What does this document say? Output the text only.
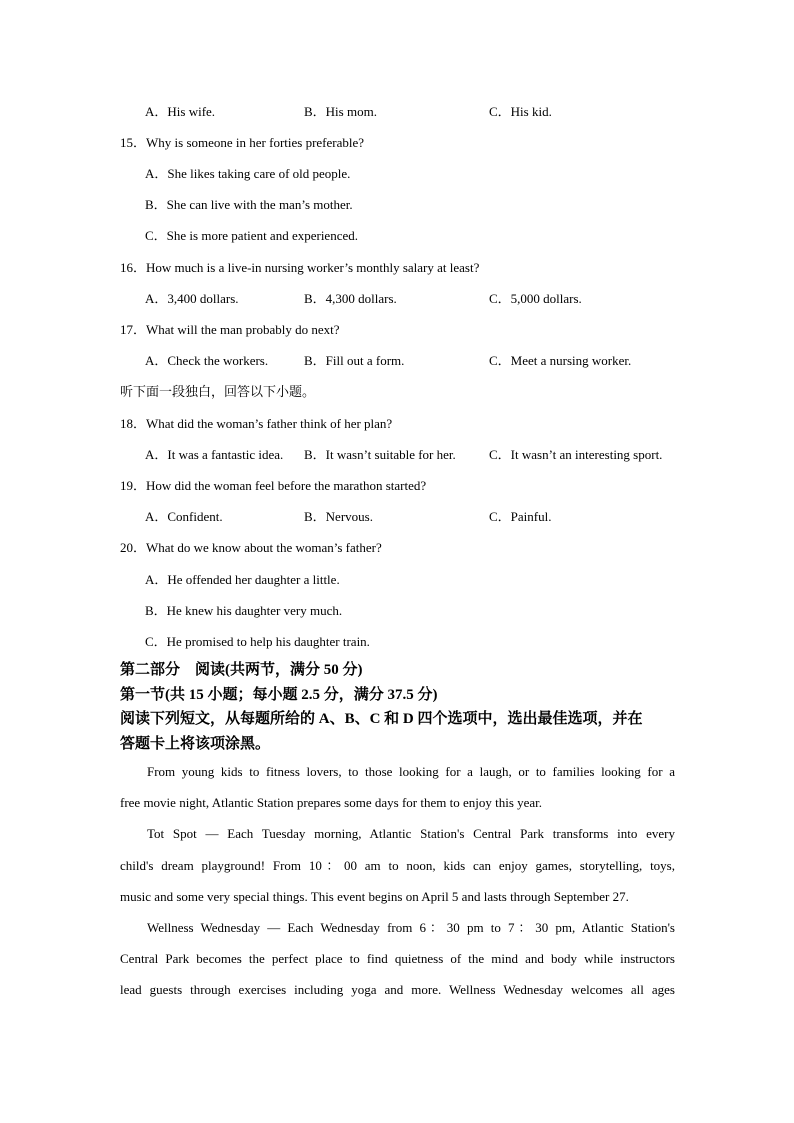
A．His wife.	B．His mom.	C．His kid.
15．Why is someone in her forties preferable?
A．She likes taking care of old people.
B．She can live with the man’s mother.
C．She is more patient and experienced.
16．How much is a live-in nursing worker’s monthly salary at least?
A．3,400 dollars.	B．4,300 dollars.	C．5,000 dollars.
17．What will the man probably do next?
A．Check the workers.	B．Fill out a form.	C．Meet a nursing worker.
听下面一段独白，回答以下小题。
18．What did the woman’s father think of her plan?
A．It was a fantastic idea. B．It wasn’t suitable for her.	C．It wasn’t an interesting sport.
19．How did the woman feel before the marathon started?
A．Confident.	B．Nervous.	C．Painful.
20．What do we know about the woman’s father?
A．He offended her daughter a little.
B．He knew his daughter very much.
C．He promised to help his daughter train.
第二部分　阅读(共两节，满分 50 分)
第一节(共 15 小题；每小题 2.5 分，满分 37.5 分)
阅读下列短文，从每题所给的 A、B、C 和 D 四个选项中，选出最佳选项，并在
答题卡上将该项涂黑。
From young kids to fitness lovers, to those looking for a laugh, or to families looking for a
free movie night, Atlantic Station prepares some days for them to enjoy this year.
Tot Spot — Each Tuesday morning, Atlantic Station's Central Park transforms into every
child's dream playground! From 10：00 am to noon, kids can enjoy games, storytelling, toys,
music and some very special things. This event begins on April 5 and lasts through September 27.
Wellness Wednesday — Each Wednesday from 6：30 pm to 7：30 pm, Atlantic Station's
Central Park becomes the perfect place to find quietness of the mind and body while instructors
lead guests through exercises including yoga and more. Wellness Wednesday welcomes all ages
